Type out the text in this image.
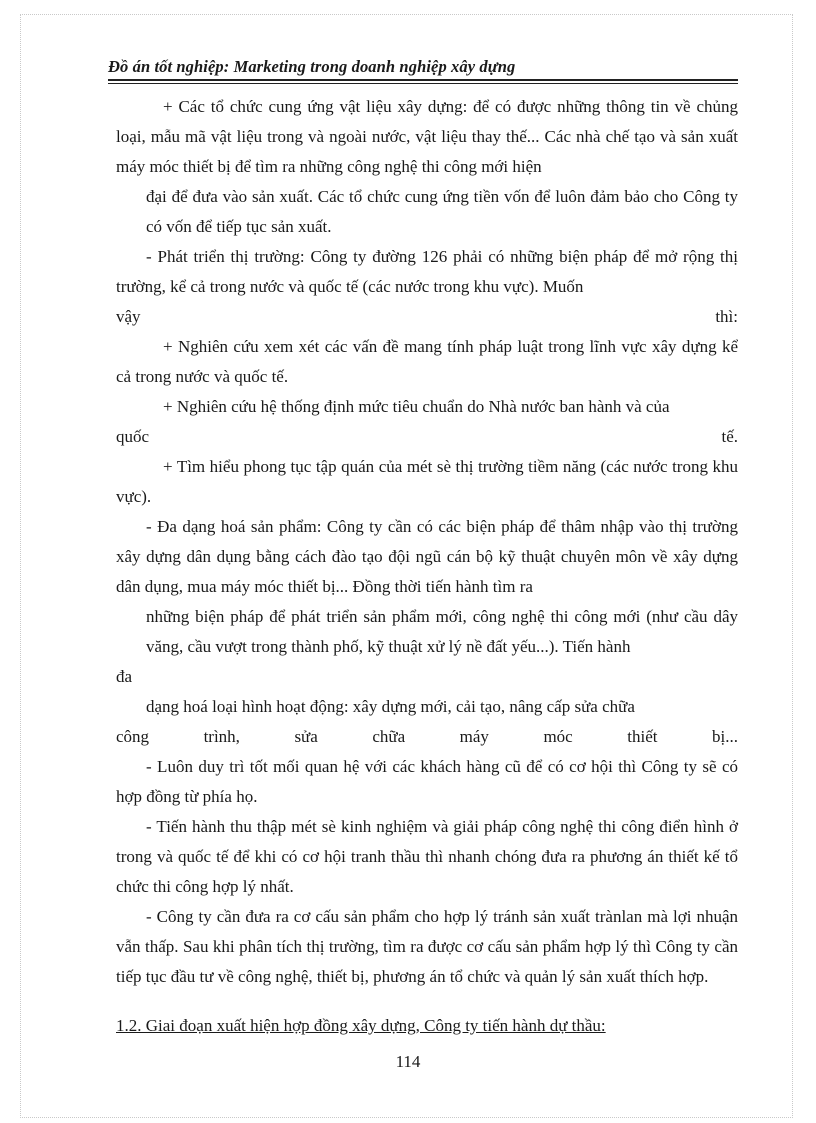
Đồ án tốt nghiệp: Marketing trong doanh nghiệp xây dựng

+ Các tổ chức cung ứng vật liệu xây dựng: để có được những thông tin về chủng loại, mẫu mã vật liệu trong và ngoài nước, vật liệu thay thế... Các nhà chế tạo và sản xuất máy móc thiết bị để tìm ra những công nghệ thi công mới hiện

đại để đưa vào sản xuất. Các tổ chức cung ứng tiền vốn để luôn đảm bảo cho Công ty có vốn để tiếp tục sản xuất.

- Phát triển thị trường: Công ty đường 126 phải có những biện pháp để mở rộng thị trường, kể cả trong nước và quốc tế (các nước trong khu vực). Muốn

vậy	thì:

+ Nghiên cứu xem xét các vấn đề mang tính pháp luật trong lĩnh vực xây dựng kể cả trong nước và quốc tế.

+ Nghiên cứu hệ thống định mức tiêu chuẩn do Nhà nước ban hành và của

quốc	tế.

+ Tìm hiểu phong tục tập quán của mét sè thị trường tiềm năng (các nước trong khu vực).

- Đa dạng hoá sản phẩm: Công ty cần có các biện pháp để thâm nhập vào thị trường xây dựng dân dụng bằng cách đào tạo đội ngũ cán bộ kỹ thuật chuyên môn về xây dựng dân dụng, mua máy móc thiết bị... Đồng thời tiến hành tìm ra

những biện pháp để phát triển sản phẩm mới, công nghệ thi công mới (như cầu dây văng, cầu vượt trong thành phố, kỹ thuật xử lý nề đất yếu...). Tiến hành

đa

dạng hoá loại hình hoạt động: xây dựng mới, cải tạo, nâng cấp sửa chữa

công	trình,	sửa	chữa	máy	móc	thiết	bị...

- Luôn duy trì tốt mối quan hệ với các khách hàng cũ để có cơ hội thì Công ty sẽ có hợp đồng từ phía họ.

- Tiến hành thu thập mét sè kinh nghiệm và giải pháp công nghệ thi công điển hình ở trong và quốc tế để khi có cơ hội tranh thầu thì nhanh chóng đưa ra phương án thiết kế tổ chức thi công hợp lý nhất.

- Công ty cần đưa ra cơ cấu sản phẩm cho hợp lý tránh sản xuất trànlan mà lợi nhuận vẫn thấp. Sau khi phân tích thị trường, tìm ra được cơ cấu sản phẩm hợp lý thì Công ty cần tiếp tục đầu tư về công nghệ, thiết bị, phương án tổ chức và quản lý sản xuất thích hợp.

1.2. Giai đoạn xuất hiện hợp đồng xây dựng, Công ty tiến hành dự thầu:
114
